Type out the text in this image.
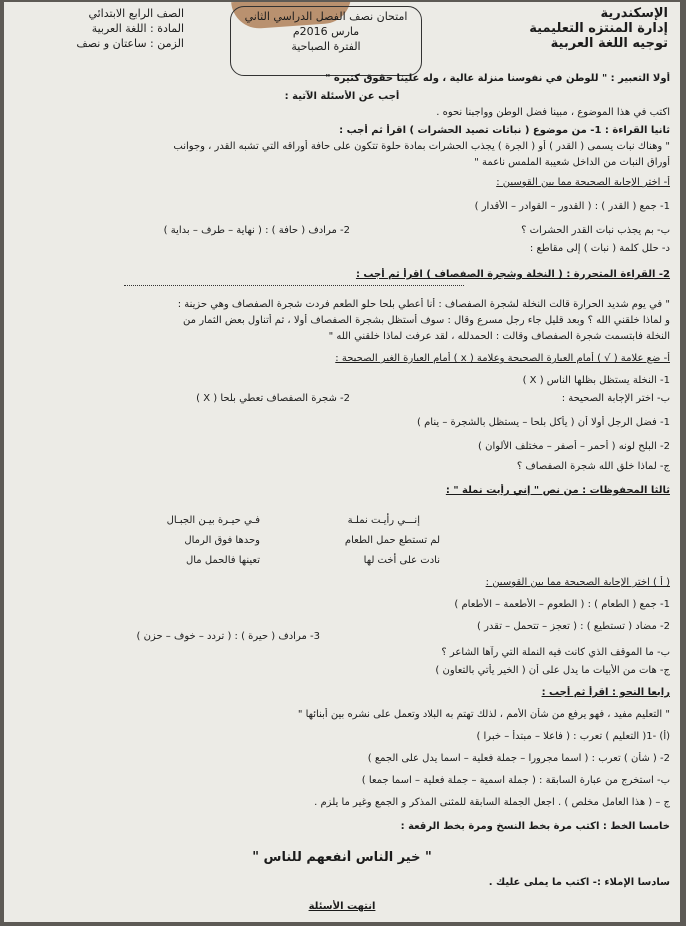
الإسكندرية
إدارة المنتزه التعليمية
توجيه اللغة العربية
امتحان نصف الفصل الدراسي الثاني
مارس 2016م
الفترة الصباحية
الصف الرابع الابتدائي
المادة : اللغة العربية
الزمن : ساعتان و نصف
أجب عن الأسئلة الآتية :
أولا التعبير : " للوطن في نفوسنا منزلة عالية ، وله علينا حقوق كثيرة "
اكتب في هذا الموضوع ، مبينا فضل الوطن وواجبنا نحوه .
ثانيا القراءة : 1- من موضوع ( نباتات تصيد الحشرات ) اقرأ ثم أجب :
" وهناك نبات يسمى ( القدر ) أو ( الجرة ) يجذب الحشرات بمادة حلوة تتكون على حافة أوراقه التي تشبه القدر ، وجوانب
أوراق النبات من الداخل شعيبة الملمس ناعمة "
أ- اختر الإجابة الصحيحة مما بين القوسين :
1- جمع ( القدر ) : ( القدور – القوادر – الأقدار )
2- مرادف ( حافة ) : ( نهاية – طرف – بداية )	ب- بم يجذب نبات القدر الحشرات ؟
د- حلل كلمة ( نبات ) إلى مقاطع :
2- القراءة المتحررة : ( النخلة وشجرة الصفصاف ) اقرأ ثم أجب :
" في يوم شديد الحرارة قالت النخلة لشجرة الصفصاف : أنا أعطي بلحا حلو الطعم فردت شجرة الصفصاف وهي حزينة :
و لماذا خلقني الله ؟ وبعد قليل جاء رجل مسرع وقال : سوف أستظل بشجرة الصفصاف أولا ، ثم أتناول بعض الثمار من
النخلة فابتسمت شجرة الصفصاف وقالت : الحمدلله ، لقد عرفت لماذا خلقني الله "
أ- ضع علامة ( √ ) أمام العبارة الصحيحة وعلامة ( x ) أمام العبارة الغير الصحيحة :
1- النخلة يستظل بظلها الناس ( X )
2- شجرة الصفصاف تعطي بلحا ( X )	ب- اختر الإجابة الصحيحة :
1- فضل الرجل أولا أن ( يأكل بلحا – يستظل بالشجرة – ينام )
2- البلح لونه ( أحمر – أصفر – مختلف الألوان )
ج- لماذا خلق الله شجرة الصفصاف ؟
ثالثا المحفوظات : من نص " إني رأيت نملة " :
إنـــي رأيـت نملـة
فـي حيـرة بيـن الجبـال
لم تستطع حمل الطعام
وحدها فوق الرمال
نادت على أخت لها
تعينها فالحمل مال
( أ ) اختر الإجابة الصحيحة مما بين القوسين :
1- جمع ( الطعام ) : ( الطعوم – الأطعمة – الأطعام )
2- مضاد ( تستطيع ) : ( تعجز – تتحمل – تقدر )
3- مرادف ( حيرة ) : ( تردد – خوف – حزن )
ب- ما الموقف الذي كانت فيه النملة التي رآها الشاعر ؟
ج- هات من الأبيات ما يدل على أن ( الخير يأتي بالتعاون )
رابعا النحو : اقرأ ثم أجب :
" التعليم مفيد ، فهو يرفع من شأن الأمم ، لذلك تهتم به البلاد وتعمل على نشره بين أبنائها "
(أ) -1( التعليم ) تعرب : ( فاعلا – مبتدأ – خبرا )
2- ( شأن ) تعرب : ( اسما مجرورا – جملة فعلية – اسما يدل على الجمع )
ب- استخرج من عبارة السابقة : ( جملة اسمية – جملة فعلية – اسما جمعا )
ج – ( هذا العامل مخلص ) . اجعل الجملة السابقة للمثنى المذكر و الجمع وغير ما يلزم .
خامسا الخط : اكتب مرة بخط النسخ ومرة بخط الرقعة :
" خير الناس أنفعهم للناس "
سادسا الإملاء :- اكتب ما يملى عليك .
انتهت الأسئلة
